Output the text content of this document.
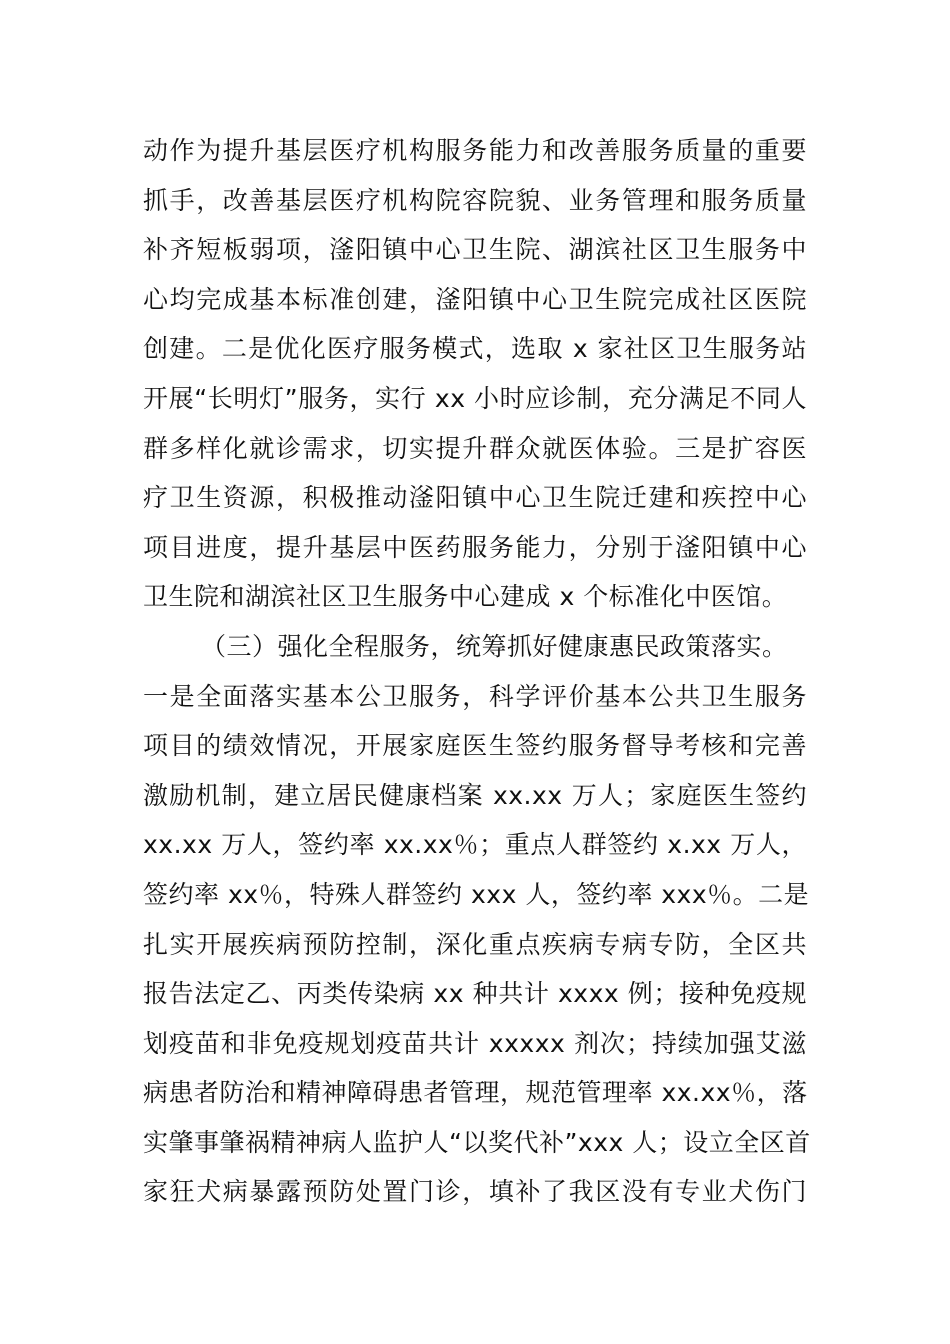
动作为提升基层医疗机构服务能力和改善服务质量的重要
抓手，改善基层医疗机构院容院貌、业务管理和服务质量
补齐短板弱项，滏阳镇中心卫生院、湖滨社区卫生服务中
心均完成基本标准创建，滏阳镇中心卫生院完成社区医院
创建。二是优化医疗服务模式，选取 x 家社区卫生服务站
开展“长明灯”服务，实行 xx 小时应诊制，充分满足不同人
群多样化就诊需求，切实提升群众就医体验。三是扩容医
疗卫生资源，积极推动滏阳镇中心卫生院迁建和疾控中心
项目进度，提升基层中医药服务能力，分别于滏阳镇中心
卫生院和湖滨社区卫生服务中心建成 x 个标准化中医馆。
（三）强化全程服务，统筹抓好健康惠民政策落实。
一是全面落实基本公卫服务，科学评价基本公共卫生服务
项目的绩效情况，开展家庭医生签约服务督导考核和完善
激励机制，建立居民健康档案 xx.xx 万人；家庭医生签约
xx.xx 万人，签约率 xx.xx％；重点人群签约 x.xx 万人，
签约率 xx％，特殊人群签约 xxx 人，签约率 xxx％。二是
扎实开展疾病预防控制，深化重点疾病专病专防，全区共
报告法定乙、丙类传染病 xx 种共计 xxxx 例；接种免疫规
划疫苗和非免疫规划疫苗共计 xxxxx 剂次；持续加强艾滋
病患者防治和精神障碍患者管理，规范管理率 xx.xx％，落
实肇事肇祸精神病人监护人“以奖代补”xxx 人；设立全区首
家狂犬病暴露预防处置门诊，填补了我区没有专业犬伤门
